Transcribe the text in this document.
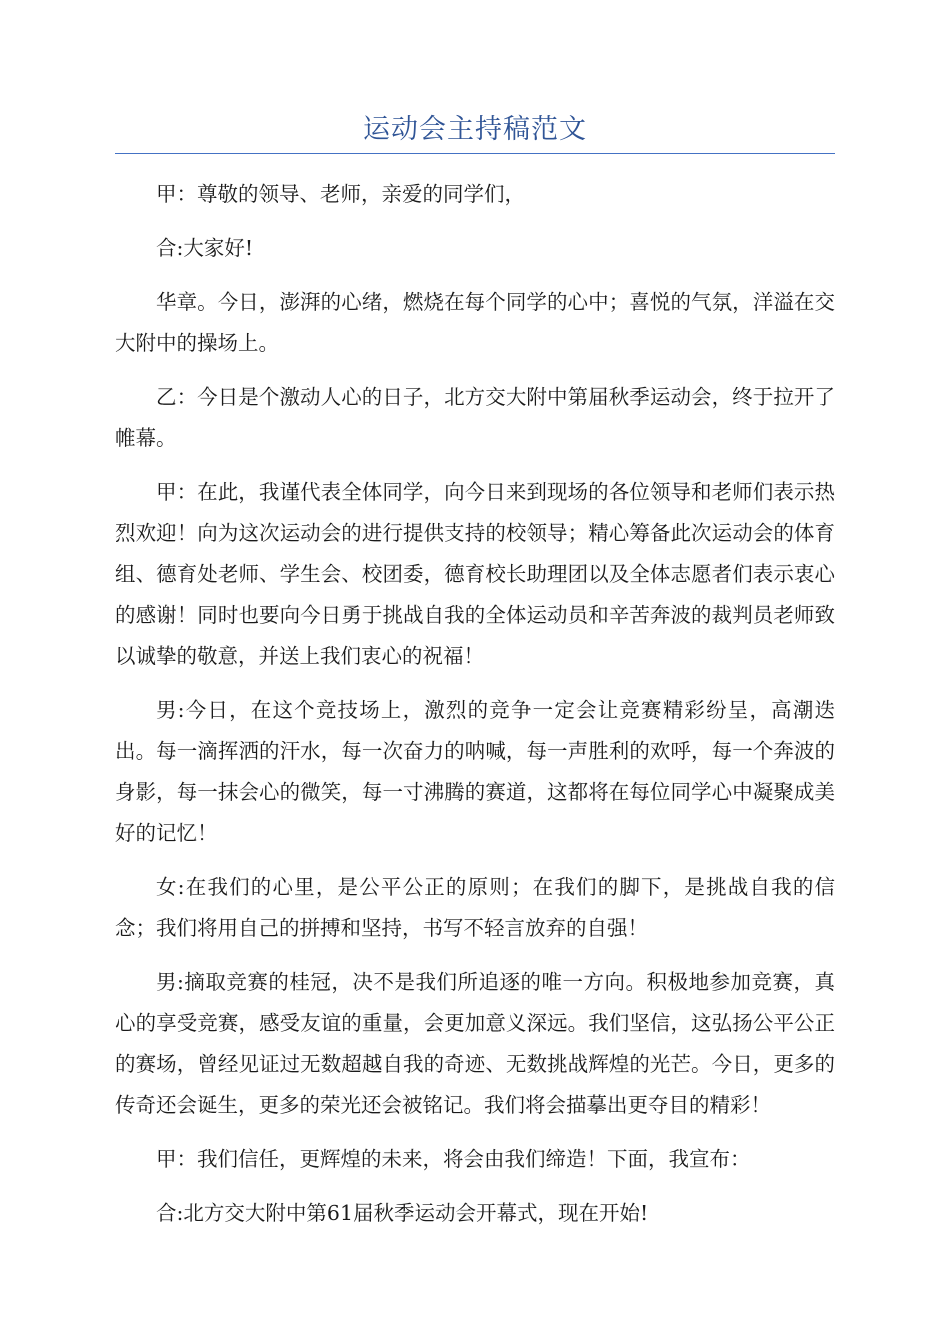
运动会主持稿范文

甲：尊敬的领导、老师，亲爱的同学们，

合:大家好!

华章。今日，澎湃的心绪，燃烧在每个同学的心中；喜悦的气氛，洋溢在交大附中的操场上。

乙：今日是个激动人心的日子，北方交大附中第届秋季运动会，终于拉开了帷幕。

甲：在此，我谨代表全体同学，向今日来到现场的各位领导和老师们表示热烈欢迎！向为这次运动会的进行提供支持的校领导；精心筹备此次运动会的体育组、德育处老师、学生会、校团委，德育校长助理团以及全体志愿者们表示衷心的感谢！同时也要向今日勇于挑战自我的全体运动员和辛苦奔波的裁判员老师致以诚挚的敬意，并送上我们衷心的祝福！

男:今日，在这个竞技场上，激烈的竞争一定会让竞赛精彩纷呈，高潮迭出。每一滴挥洒的汗水，每一次奋力的呐喊，每一声胜利的欢呼，每一个奔波的身影，每一抹会心的微笑，每一寸沸腾的赛道，这都将在每位同学心中凝聚成美好的记忆！

女:在我们的心里，是公平公正的原则；在我们的脚下，是挑战自我的信念；我们将用自己的拼搏和坚持，书写不轻言放弃的自强！

男:摘取竞赛的桂冠，决不是我们所追逐的唯一方向。积极地参加竞赛，真心的享受竞赛，感受友谊的重量，会更加意义深远。我们坚信，这弘扬公平公正的赛场，曾经见证过无数超越自我的奇迹、无数挑战辉煌的光芒。今日，更多的传奇还会诞生，更多的荣光还会被铭记。我们将会描摹出更夺目的精彩！

甲：我们信任，更辉煌的未来，将会由我们缔造！下面，我宣布：

合:北方交大附中第61届秋季运动会开幕式，现在开始!
